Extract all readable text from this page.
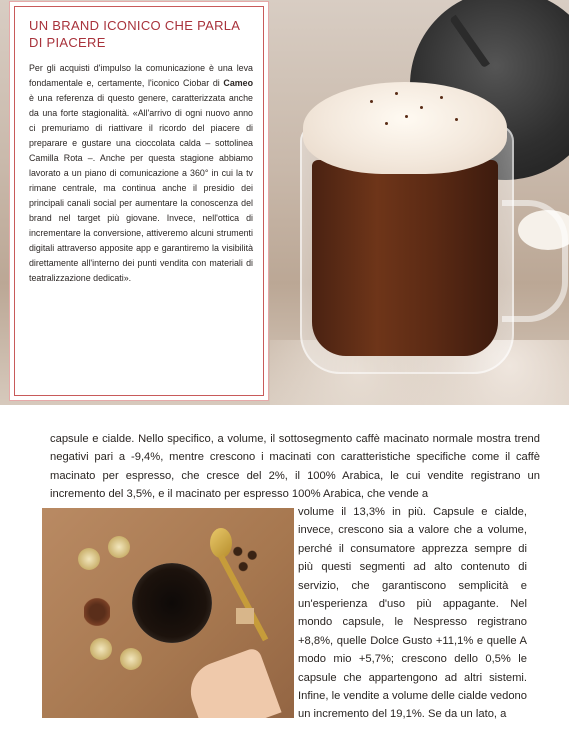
UN BRAND ICONICO CHE PARLA DI PIACERE

Per gli acquisti d'impulso la comunicazione è una leva fondamentale e, certamente, l'iconico Ciobar di Cameo è una referenza di questo genere, caratterizzata anche da una forte stagionalità. «All'arrivo di ogni nuovo anno ci premuriamo di riattivare il ricordo del piacere di preparare e gustare una cioccolata calda – sottolinea Camilla Rota –. Anche per questa stagione abbiamo lavorato a un piano di comunicazione a 360° in cui la tv rimane centrale, ma continua anche il presidio dei principali canali social per aumentare la conoscenza del brand nel target più giovane. Invece, nell'ottica di incrementare la conversione, attiveremo alcuni strumenti digitali attraverso apposite app e garantiremo la visibilità direttamente all'interno dei punti vendita con materiali di teatralizzazione dedicati».

capsule e cialde. Nello specifico, a volume, il sottosegmento caffè macinato normale mostra trend negativi pari a -9,4%, mentre crescono i macinati con caratteristiche specifiche come il caffè macinato per espresso, che cresce del 2%, il 100% Arabica, le cui vendite registrano un incremento del 3,5%, e il macinato per espresso 100% Arabica, che vende a

volume il 13,3% in più. Capsule e cialde, invece, crescono sia a valore che a volume, perché il consumatore apprezza sempre di più questi segmenti ad alto contenuto di servizio, che garantiscono semplicità e un'esperienza d'uso più appagante. Nel mondo capsule, le Nespresso registrano +8,8%, quelle Dolce Gusto +11,1% e quelle A modo mio +5,7%; crescono dello 0,5% le capsule che appartengono ad altri sistemi. Infine, le vendite a volume delle cialde vedono un incremento del 19,1%. Se da un lato, a
